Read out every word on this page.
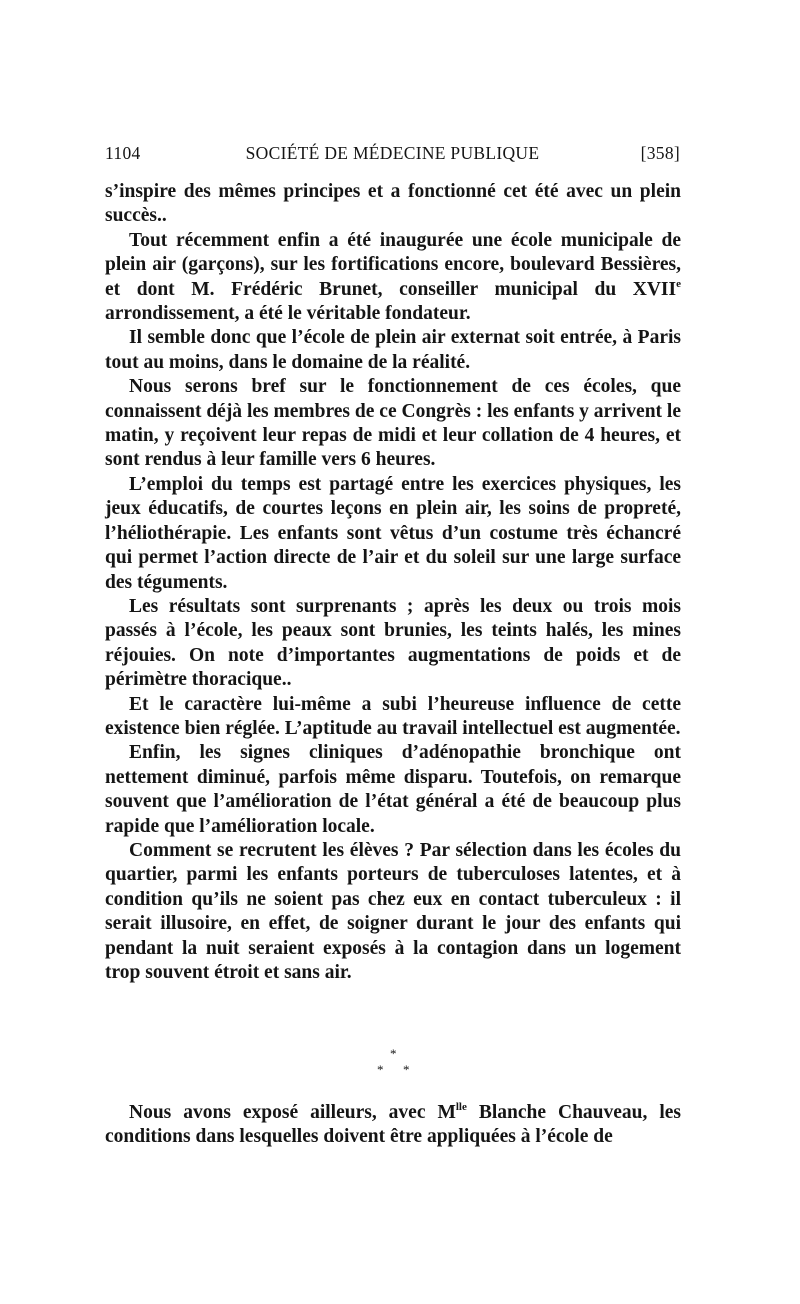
1104	SOCIÉTÉ DE MÉDECINE PUBLIQUE	[358]

s’inspire des mêmes principes et a fonctionné cet été avec un plein succès..

Tout récemment enfin a été inaugurée une école municipale de plein air (garçons), sur les fortifications encore, boulevard Bessières, et dont M. Frédéric Brunet, conseiller municipal du XVIIe arrondissement, a été le véritable fondateur.

Il semble donc que l’école de plein air externat soit entrée, à Paris tout au moins, dans le domaine de la réalité.

Nous serons bref sur le fonctionnement de ces écoles, que connaissent déjà les membres de ce Congrès : les enfants y arrivent le matin, y reçoivent leur repas de midi et leur collation de 4 heures, et sont rendus à leur famille vers 6 heures.

L’emploi du temps est partagé entre les exercices physiques, les jeux éducatifs, de courtes leçons en plein air, les soins de propreté, l’héliothérapie. Les enfants sont vêtus d’un costume très échancré qui permet l’action directe de l’air et du soleil sur une large surface des téguments.

Les résultats sont surprenants ; après les deux ou trois mois passés à l’école, les peaux sont brunies, les teints halés, les mines réjouies. On note d’importantes augmentations de poids et de périmètre thoracique..

Et le caractère lui-même a subi l’heureuse influence de cette existence bien réglée. L’aptitude au travail intellectuel est augmentée.

Enfin, les signes cliniques d’adénopathie bronchique ont nettement diminué, parfois même disparu. Toutefois, on remarque souvent que l’amélioration de l’état général a été de beaucoup plus rapide que l’amélioration locale.

Comment se recrutent les élèves ? Par sélection dans les écoles du quartier, parmi les enfants porteurs de tuberculoses latentes, et à condition qu’ils ne soient pas chez eux en contact tuberculeux : il serait illusoire, en effet, de soigner durant le jour des enfants qui pendant la nuit seraient exposés à la contagion dans un logement trop souvent étroit et sans air.

*
* *

Nous avons exposé ailleurs, avec $M^{lle}$ Blanche Chauveau, les conditions dans lesquelles doivent être appliquées à l’école de
